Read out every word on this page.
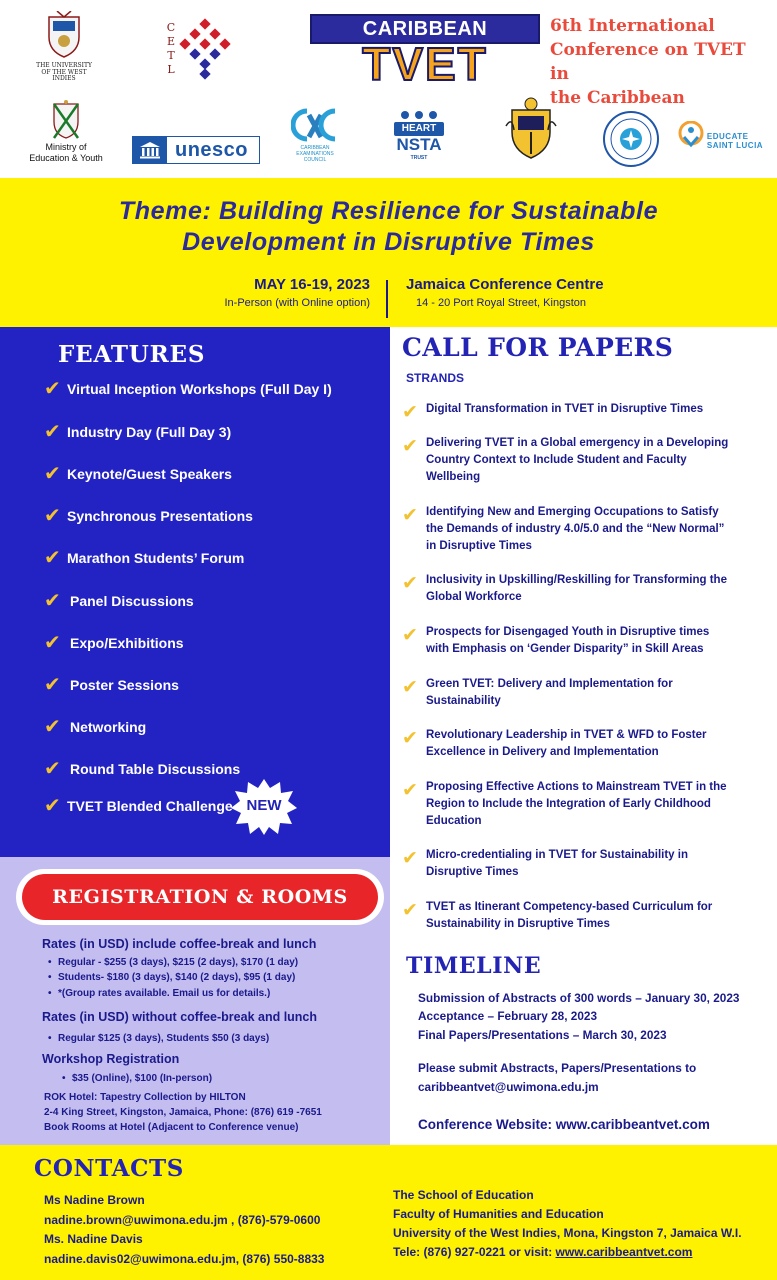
THE UNIVERSITY OF THE WEST INDIES
C
E
T
L
CARIBBEAN
TVET
6th International
Conference on TVET in
the Caribbean
Ministry of
Education & Youth	unesco	CARIBBEAN
EXAMINATIONS
COUNCIL
HEART
NSTA
TRUST
EDUCATE
SAINT LUCIA
Theme: Building Resilience for Sustainable
Development in Disruptive Times
MAY 16-19, 2023
In-Person (with Online option)
Jamaica Conference Centre
14 - 20 Port Royal Street, Kingston
FEATURES
✔ Virtual Inception Workshops (Full Day I)
✔ Industry Day (Full Day 3)
✔ Keynote/Guest Speakers
✔ Synchronous Presentations
✔ Marathon Students’ Forum
✔ Panel Discussions
✔ Expo/Exhibitions
✔ Poster Sessions
✔ Networking
✔ Round Table Discussions
✔ TVET Blended Challenge NEW
REGISTRATION & ROOMS
Rates (in USD) include coffee-break and lunch
• Regular - $255 (3 days), $215 (2 days), $170 (1 day)
• Students- $180 (3 days), $140 (2 days), $95 (1 day)
• *(Group rates available. Email us for details.)
Rates (in USD) without coffee-break and lunch
• Regular $125 (3 days), Students $50 (3 days)
Workshop Registration
• $35 (Online), $100 (In-person)
ROK Hotel: Tapestry Collection by HILTON
2-4 King Street, Kingston, Jamaica, Phone: (876) 619 -7651
Book Rooms at Hotel (Adjacent to Conference venue)
CALL FOR PAPERS
STRANDS
✔ Digital Transformation in TVET in Disruptive Times
✔ Delivering TVET in a Global emergency in a Developing
Country Context to Include Student and Faculty
Wellbeing
✔ Identifying New and Emerging Occupations to Satisfy
the Demands of industry 4.0/5.0 and the “New Normal”
in Disruptive Times
✔ Inclusivity in Upskilling/Reskilling for Transforming the
Global Workforce
✔ Prospects for Disengaged Youth in Disruptive times
with Emphasis on ‘Gender Disparity” in Skill Areas
✔ Green TVET: Delivery and Implementation for
Sustainability
✔ Revolutionary Leadership in TVET & WFD to Foster
Excellence in Delivery and Implementation
✔ Proposing Effective Actions to Mainstream TVET in the
Region to Include the Integration of Early Childhood
Education
✔ Micro-credentialing in TVET for Sustainability in
Disruptive Times
✔ TVET as Itinerant Competency-based Curriculum for
Sustainability in Disruptive Times
TIMELINE
Submission of Abstracts of 300 words – January 30, 2023
Acceptance – February 28, 2023
Final Papers/Presentations – March 30, 2023
Please submit Abstracts, Papers/Presentations to
caribbeantvet@uwimona.edu.jm
Conference Website: www.caribbeantvet.com
CONTACTS
Ms Nadine Brown
nadine.brown@uwimona.edu.jm , (876)-579-0600
Ms. Nadine Davis
nadine.davis02@uwimona.edu.jm, (876) 550-8833
The School of Education
Faculty of Humanities and Education
University of the West Indies, Mona, Kingston 7, Jamaica W.I.
Tele: (876) 927-0221 or visit: www.caribbeantvet.com
